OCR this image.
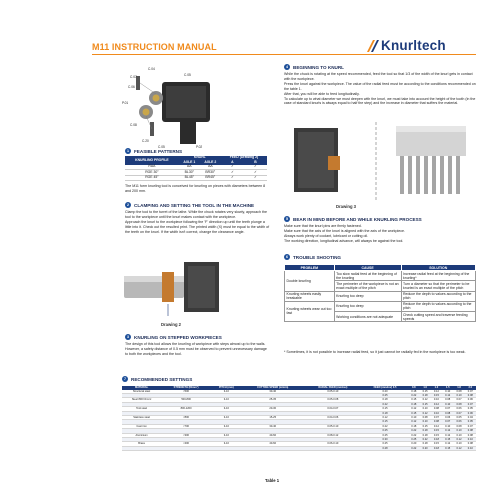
M11 INSTRUCTION MANUAL	Knurltech
C.04
C.07
C.06
C.05
P.01
C.08
C.20
C.05	P.02
1	FEASIBLE PATTERNS
KNURLING PROFILE	KNURL		FEED (Drawing 2)	
	AXLE 1	AXLE 2	A	B
RAA	AA	AA	✓	✓
RGE 30°	BL30°	BR30°	✓	✓
RGE 45°	BL45°	BR45°	✓	✓
The M11 form knurling tool is conceived for knurling on pieces with diameters between 8 and 200 mm.
2	CLAMPING AND SETTING THE TOOL IN THE MACHINE

Clamp the tool to the turret of the lathe. While the chuck rotates very slowly, approach the tool to the workpiece until the knurl makes contact with the workpiece.

Approach the knurl to the workpiece following the 'F' direction up until the teeth plunge a little into it. Check out the resulted print. The printed width (X) must be equal to the width of the teeth on the knurl. If the width isn't correct, change the clearance angle.

Drawing 2
3	KNURLING ON STEPPED WORKPIECES
The design of this tool allows the knurling of workpiece with steps almost up to the walls. However, a safety distance of 0.5 mm must be observed to prevent unnecessary damage to both the workpieces and the tool.
4	BEGINNING TO KNURL

While the chuck is rotating at the speed recommended, feed the tool so that 1/3 of the width of the knurl gets in contact with the workpiece.

Press the knurl against the workpiece. The value of the radial feed must be according to the conditions recommended on the table 1.

After that, you will be able to feed longitudinally.

To calculate up to what diameter we must deepen with the knurl, we must take into account the height of the tooth (in the case of standard knurls is always equal to half the step) and the increase in diameter that suffers the material.

Drawing 3
5	BEAR IN MIND BEFORE AND WHILE KNURLING PROCESS

Make sure that the knurl pins are firmly fastened.

Make sure that the axis of the knurl is aligned with the axis of the workpiece.

Always work plenty of coolant, lubricant or cutting oil.

The working direction, longitudinal advance, will always be against the tool.

6	TROUBLE SHOOTING
PROBLEM	CAUSE	SOLUTION
Double knurling	Too slow radial feed at the beginning of the knurling	Increase radial feed at the beginning of the knurling*
	The perimeter of the workpiece is not an exact multiple of the pitch	Turn a diameter so that the perimeter to be knurled is an exact multiple of the pitch
Knurling wheels easily breakable	Knurling too deep	Reduce the depth to values according to the pitch
Knurling wheels wear out too fast	Knurling too deep	Reduce the depth to values according to the pitch
	Working conditions are not adequate	Check cutting speed and traverse feeding speeds
* Sometimes, it is not possible to increase radial feed, so it just cannot be radially fed in the workpiece is too weak.
7	RECOMMENDED SETTINGS
MATERIAL	STRENGTH (N/mm²)	PITCH (mm)	CUTTING SPEED (m/min)	RADIAL FEED (mm/rev)	FEED (mm/rev) 0.5	0.8	1.0	1.2	1.5	1.8	2.0
Structural steel	<500	3-10	30-40	0.05-0.10	0.20	0.18	0.15	0.12	0.10	0.08	0.07
					0.25	0.22	0.18	0.15	0.12	0.10	0.08
Steel 800 N/mm²	500-800	3-10	25-35	0.05-0.08	0.18	0.15	0.12	0.10	0.08	0.07	0.06
					0.22	0.18	0.15	0.12	0.10	0.08	0.07
Tool steel	800-1200	3-10	20-30	0.04-0.07	0.15	0.12	0.10	0.08	0.07	0.06	0.05
					0.18	0.15	0.12	0.10	0.08	0.07	0.06
Stainless steel	<800	3-10	15-25	0.04-0.06	0.12	0.10	0.08	0.07	0.06	0.05	0.04
					0.15	0.12	0.10	0.08	0.07	0.06	0.05
Cast iron	<700	3-10	30-40	0.05-0.10	0.22	0.18	0.15	0.12	0.10	0.08	0.07
					0.25	0.22	0.18	0.15	0.12	0.10	0.08
Aluminium	<300	3-10	40-60	0.08-0.12	0.25	0.22	0.18	0.15	0.12	0.10	0.08
					0.30	0.25	0.22	0.18	0.15	0.12	0.10
Brass	<400	3-10	40-60	0.06-0.10	0.25	0.20	0.18	0.15	0.12	0.10	0.08
					0.28	0.22	0.20	0.18	0.15	0.12	0.10
Table 1
